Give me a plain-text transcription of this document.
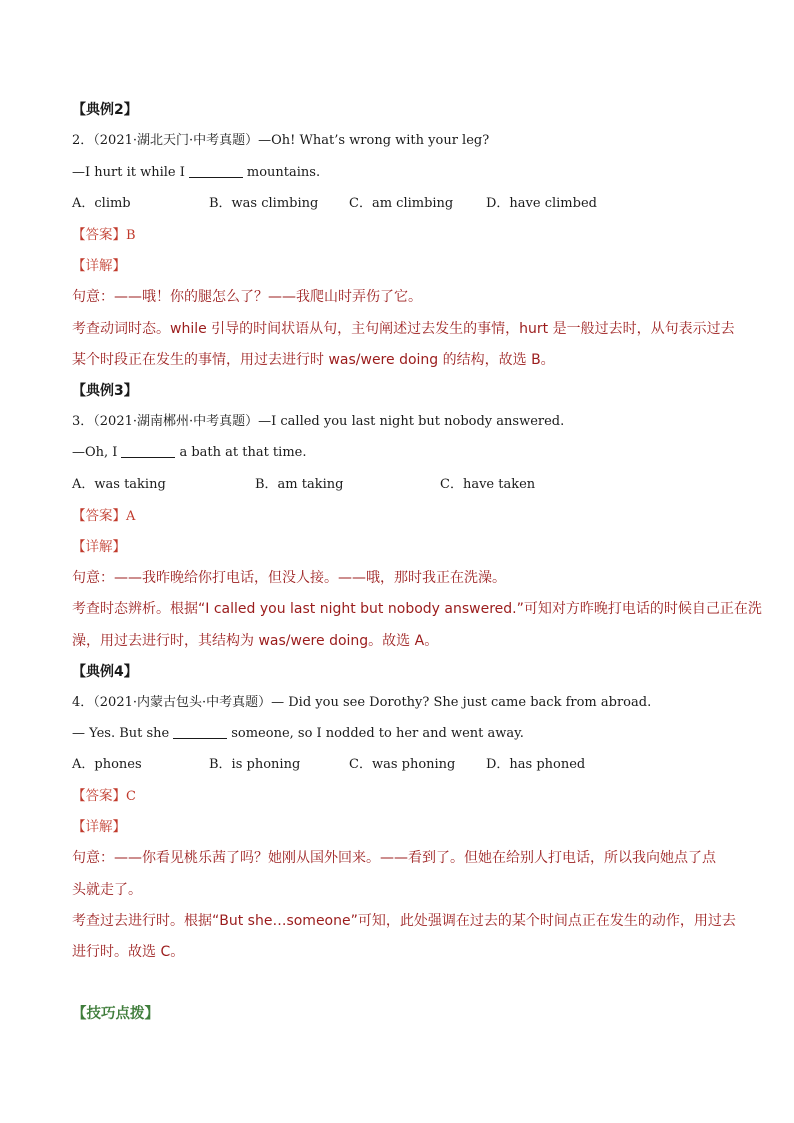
【典例2】
2．（2021·湖北天门·中考真题）—Oh! What’s wrong with your leg?
—I hurt it while I	mountains.
A．climb	B．was climbing C．am climbing	D．have climbed
【答案】B
【详解】
句意：——哦！你的腿怎么了？——我爬山时弄伤了它。
考查动词时态。while 引导的时间状语从句，主句阐述过去发生的事情，hurt 是一般过去时，从句表示过去
某个时段正在发生的事情，用过去进行时 was/were doing 的结构，故选 B。
【典例3】
3．（2021·湖南郴州·中考真题）—I called you last night but nobody answered.
—Oh, I	a bath at that time.
A．was taking	B．am taking	C．have taken
【答案】A
【详解】
句意：——我昨晚给你打电话，但没人接。——哦，那时我正在洗澡。
考查时态辨析。根据“I called you last night but nobody answered.”可知对方昨晚打电话的时候自己正在洗
澡，用过去进行时，其结构为 was/were doing。故选 A。
【典例4】
4．（2021·内蒙古包头·中考真题）— Did you see Dorothy? She just came back from abroad.
— Yes. But she	someone, so I nodded to her and went away.
A．phones	B．is phoning	C．was phoning D．has phoned
【答案】C
【详解】
句意：——你看见桃乐茜了吗？她刚从国外回来。——看到了。但她在给别人打电话，所以我向她点了点
头就走了。
考查过去进行时。根据“But she…someone”可知，此处强调在过去的某个时间点正在发生的动作，用过去
进行时。故选 C。
【技巧点拨】
